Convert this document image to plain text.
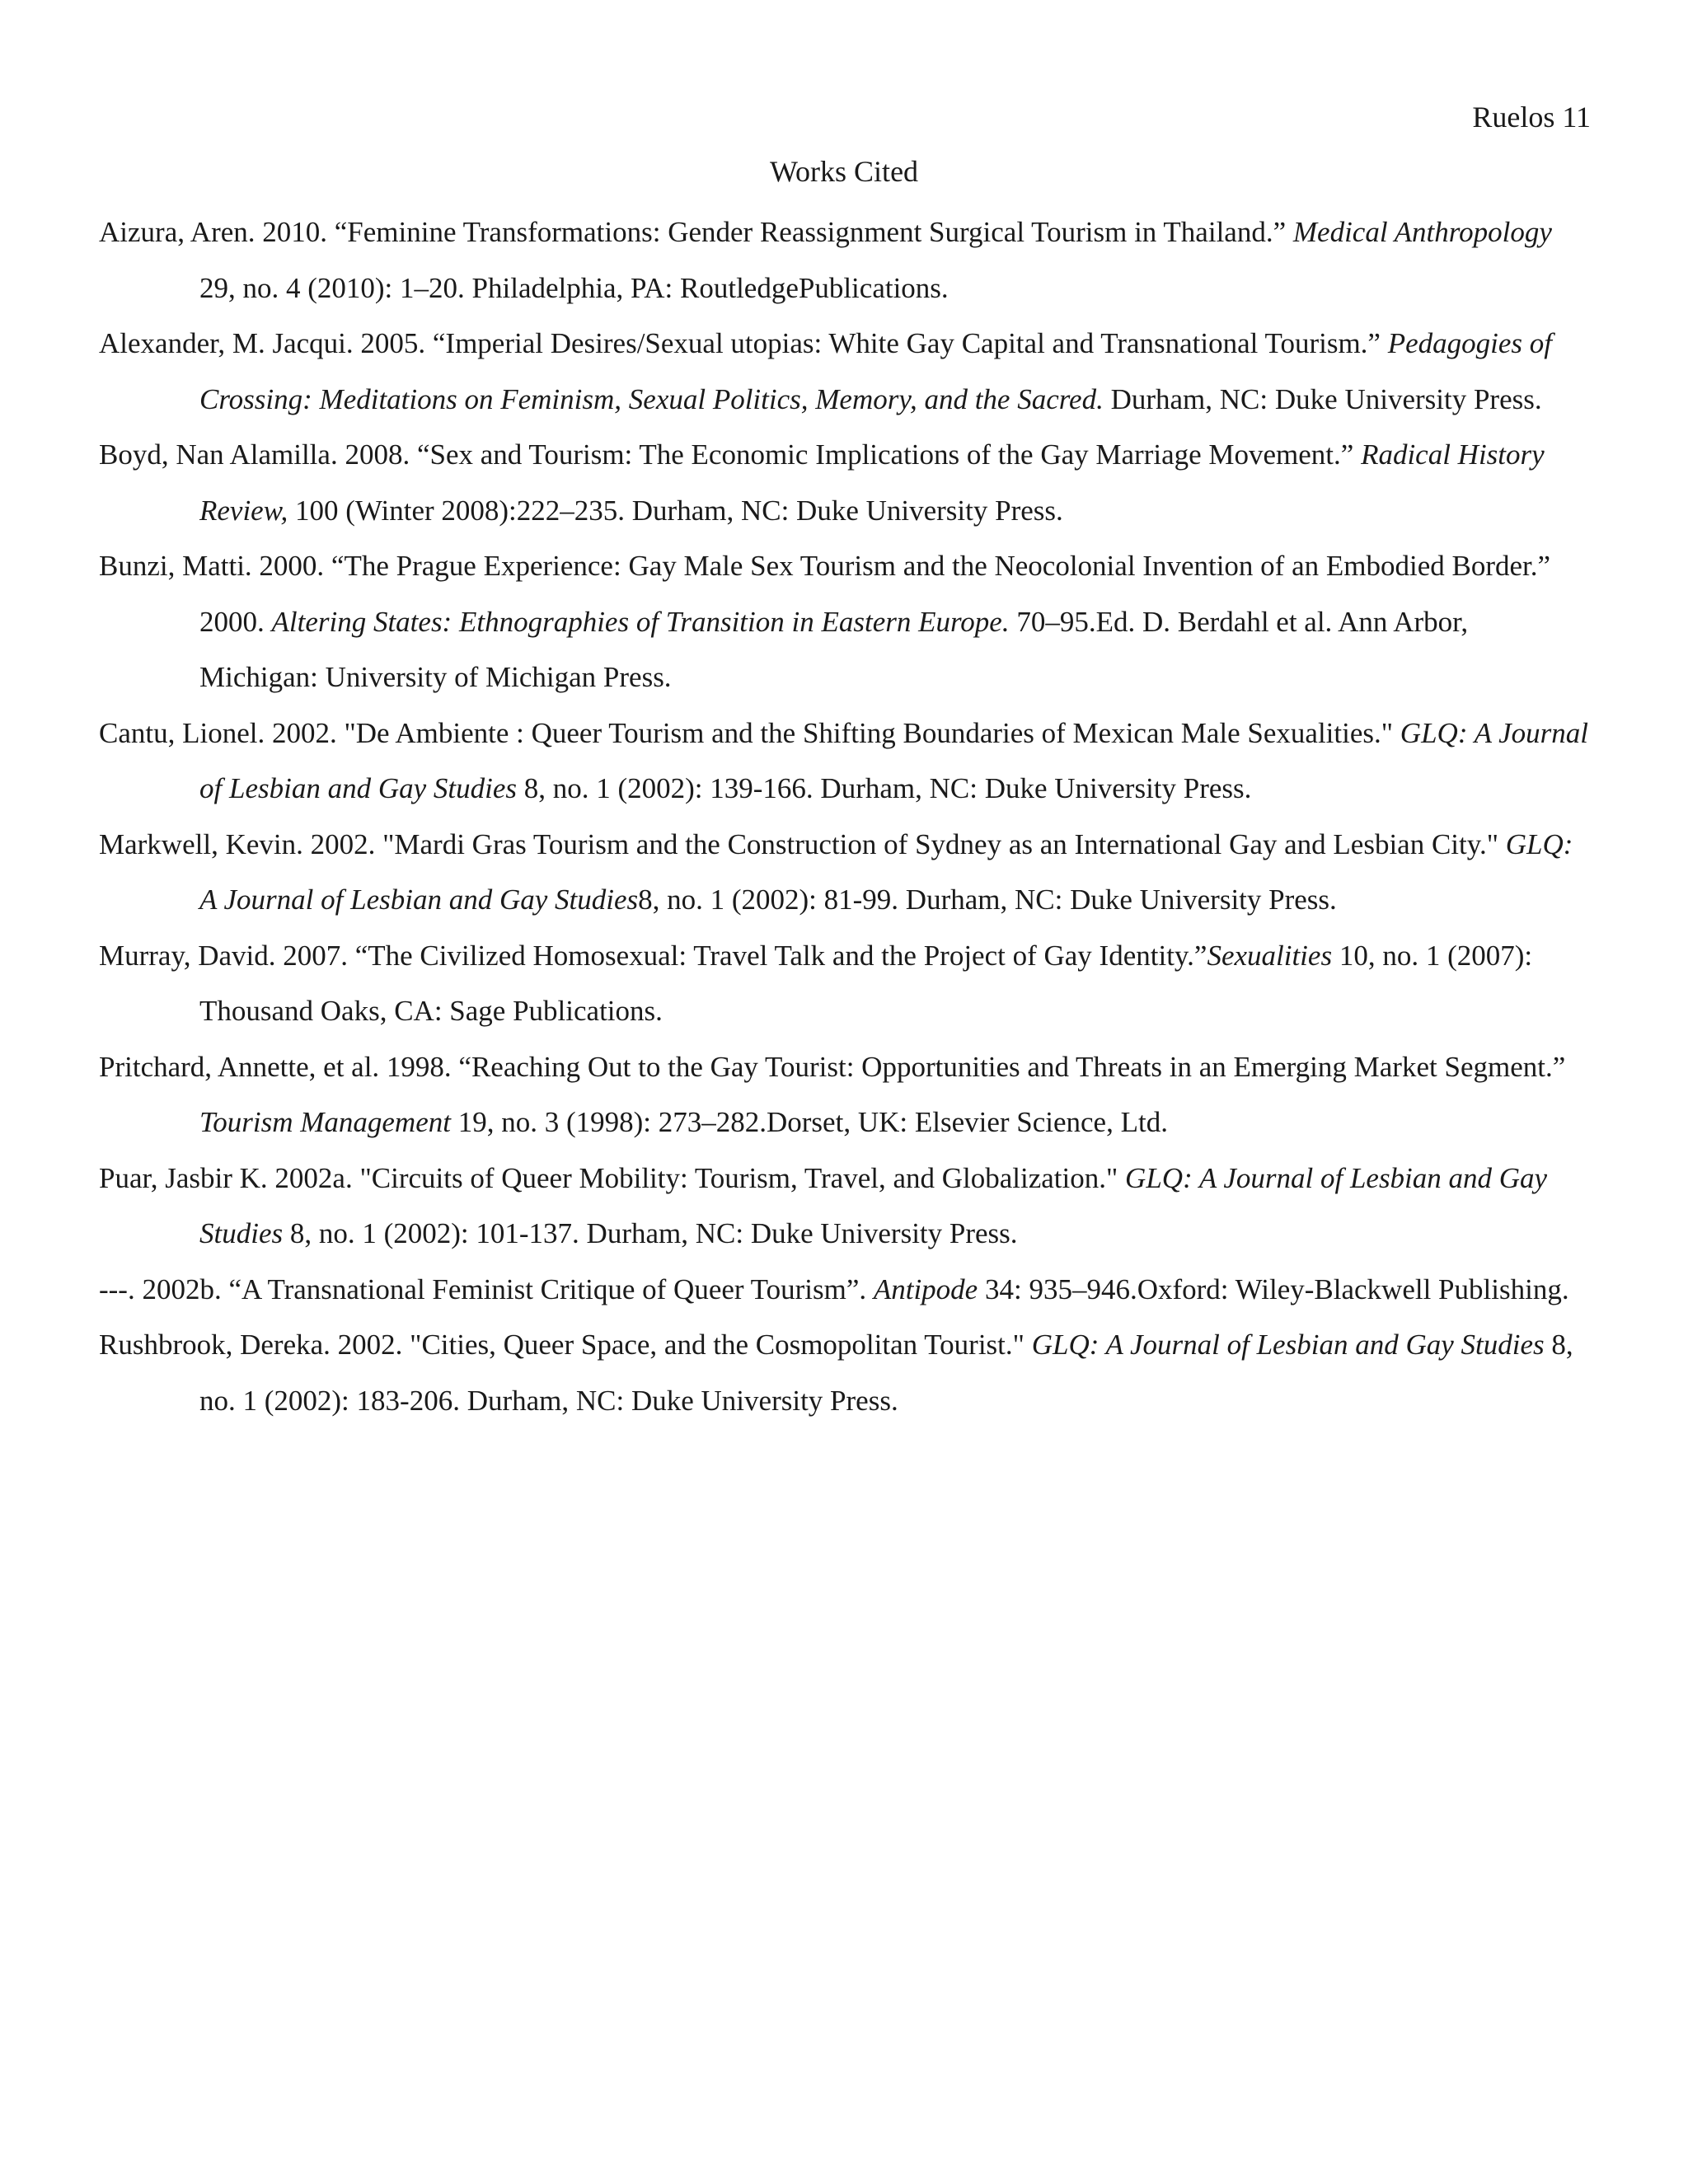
Ruelos 11
Works Cited
Aizura, Aren. 2010. “Feminine Transformations: Gender Reassignment Surgical Tourism in Thailand.” Medical Anthropology 29, no. 4 (2010): 1–20. Philadelphia, PA: RoutledgePublications.
Alexander, M. Jacqui. 2005. “Imperial Desires/Sexual utopias: White Gay Capital and Transnational Tourism.” Pedagogies of Crossing: Meditations on Feminism, Sexual Politics, Memory, and the Sacred. Durham, NC: Duke University Press.
Boyd, Nan Alamilla. 2008. “Sex and Tourism: The Economic Implications of the Gay Marriage Movement.” Radical History Review, 100 (Winter 2008):222–235. Durham, NC: Duke University Press.
Bunzi, Matti. 2000. “The Prague Experience: Gay Male Sex Tourism and the Neocolonial Invention of an Embodied Border.” 2000. Altering States: Ethnographies of Transition in Eastern Europe. 70–95.Ed. D. Berdahl et al. Ann Arbor, Michigan: University of Michigan Press.
Cantu, Lionel. 2002. "De Ambiente : Queer Tourism and the Shifting Boundaries of Mexican Male Sexualities." GLQ: A Journal of Lesbian and Gay Studies 8, no. 1 (2002): 139-166. Durham, NC: Duke University Press.
Markwell, Kevin. 2002. "Mardi Gras Tourism and the Construction of Sydney as an International Gay and Lesbian City." GLQ: A Journal of Lesbian and Gay Studies8, no. 1 (2002): 81-99. Durham, NC: Duke University Press.
Murray, David. 2007. “The Civilized Homosexual: Travel Talk and the Project of Gay Identity.”Sexualities 10, no. 1 (2007): Thousand Oaks, CA: Sage Publications.
Pritchard, Annette, et al. 1998. “Reaching Out to the Gay Tourist: Opportunities and Threats in an Emerging Market Segment.” Tourism Management 19, no. 3 (1998): 273–282.Dorset, UK: Elsevier Science, Ltd.
Puar, Jasbir K. 2002a. "Circuits of Queer Mobility: Tourism, Travel, and Globalization." GLQ: A Journal of Lesbian and Gay Studies 8, no. 1 (2002): 101-137. Durham, NC: Duke University Press.
---. 2002b. “A Transnational Feminist Critique of Queer Tourism”. Antipode 34: 935–946.Oxford: Wiley-Blackwell Publishing.
Rushbrook, Dereka. 2002. "Cities, Queer Space, and the Cosmopolitan Tourist." GLQ: A Journal of Lesbian and Gay Studies 8, no. 1 (2002): 183-206. Durham, NC: Duke University Press.
